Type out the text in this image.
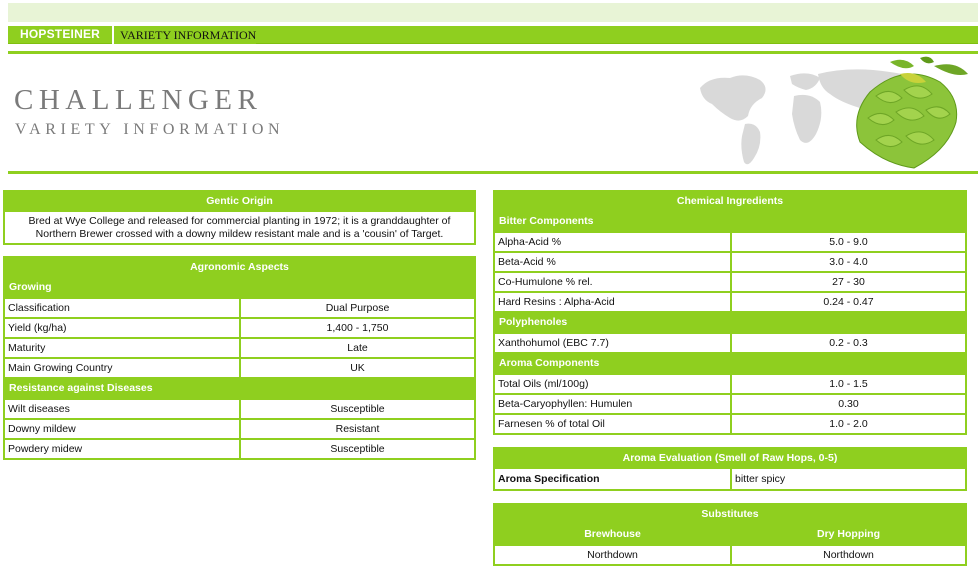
HOPSTEINER	VARIETY INFORMATION
CHALLENGER
VARIETY INFORMATION
Gentic Origin
Bred at Wye College and released for commercial planting in 1972; it is a granddaughter of Northern Brewer crossed with a downy mildew resistant male and is a 'cousin' of Target.
Agronomic Aspects
Growing
Classification	Dual Purpose
Yield (kg/ha)	1,400 - 1,750
Maturity	Late
Main Growing Country	UK
Resistance against Diseases
Wilt diseases	Susceptible
Downy mildew	Resistant
Powdery midew	Susceptible
Chemical Ingredients
Bitter Components
Alpha-Acid %	5.0 - 9.0
Beta-Acid %	3.0 - 4.0
Co-Humulone % rel.	27 - 30
Hard Resins : Alpha-Acid	0.24 - 0.47
Polyphenoles
Xanthohumol (EBC 7.7)	0.2 - 0.3
Aroma Components
Total Oils (ml/100g)	1.0 - 1.5
Beta-Caryophyllen: Humulen	0.30
Farnesen % of total Oil	1.0 - 2.0
Aroma Evaluation (Smell of Raw Hops, 0-5)
Aroma Specification	bitter spicy
Substitutes
Brewhouse	Dry Hopping
Northdown	Northdown
